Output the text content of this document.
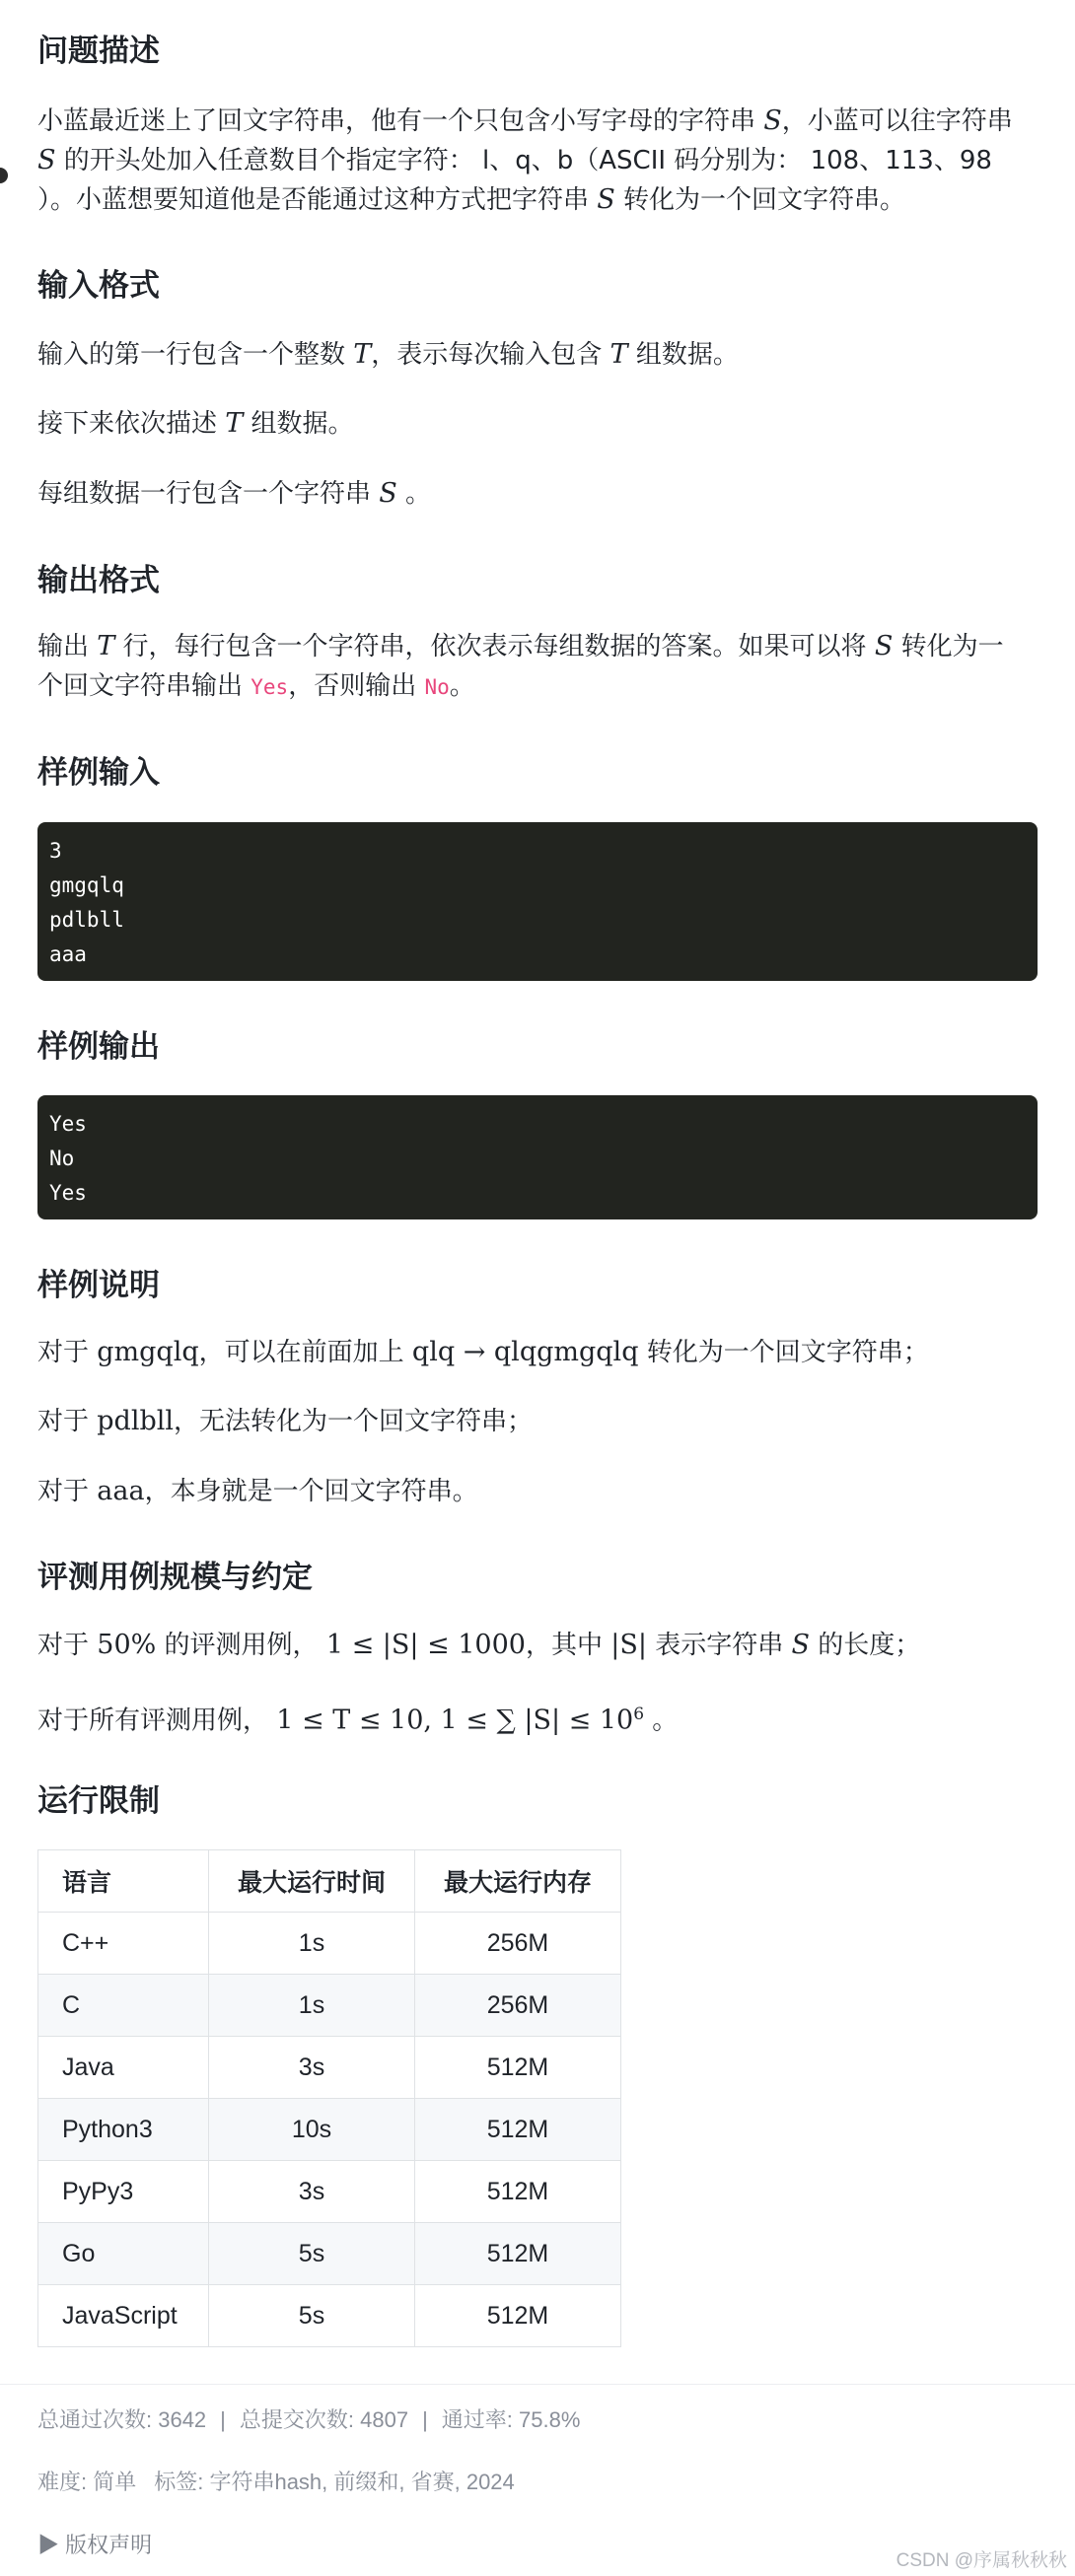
问题描述

小蓝最近迷上了回文字符串，他有一个只包含小写字母的字符串 S，小蓝可以往字符串

S 的开头处加入任意数目个指定字符： l、q、b（ASCII 码分别为： 108、113、98

）。小蓝想要知道他是否能通过这种方式把字符串 S 转化为一个回文字符串。

输入格式

输入的第一行包含一个整数 T，表示每次输入包含 T 组数据。

接下来依次描述 T 组数据。

每组数据一行包含一个字符串 S 。

输出格式

输出 T 行，每行包含一个字符串，依次表示每组数据的答案。如果可以将 S 转化为一

个回文字符串输出 Yes，否则输出 No。

样例输入
3
gmgqlq
pdlbll
aaa
样例输出
Yes
No
Yes
样例说明

对于 gmgqlq，可以在前面加上 qlq → qlqgmgqlq 转化为一个回文字符串；

对于 pdlbll，无法转化为一个回文字符串；

对于 aaa，本身就是一个回文字符串。

评测用例规模与约定

对于 50% 的评测用例， 1 ≤ |S| ≤ 1000，其中 |S| 表示字符串 S 的长度；

对于所有评测用例， 1 ≤ T ≤ 10, 1 ≤ ∑ $|S| \le 10^6$ 。

运行限制
语言	最大运行时间	最大运行内存
C++	1s	256M
C	1s	256M
Java	3s	512M
Python3	10s	512M
PyPy3	3s	512M
Go	5s	512M
JavaScript	5s	512M
总通过次数: 3642 | 总提交次数: 4807 | 通过率: 75.8%
难度: 简单 标签: 字符串hash, 前缀和, 省赛, 2024
▶ 版权声明
CSDN @序属秋秋秋
